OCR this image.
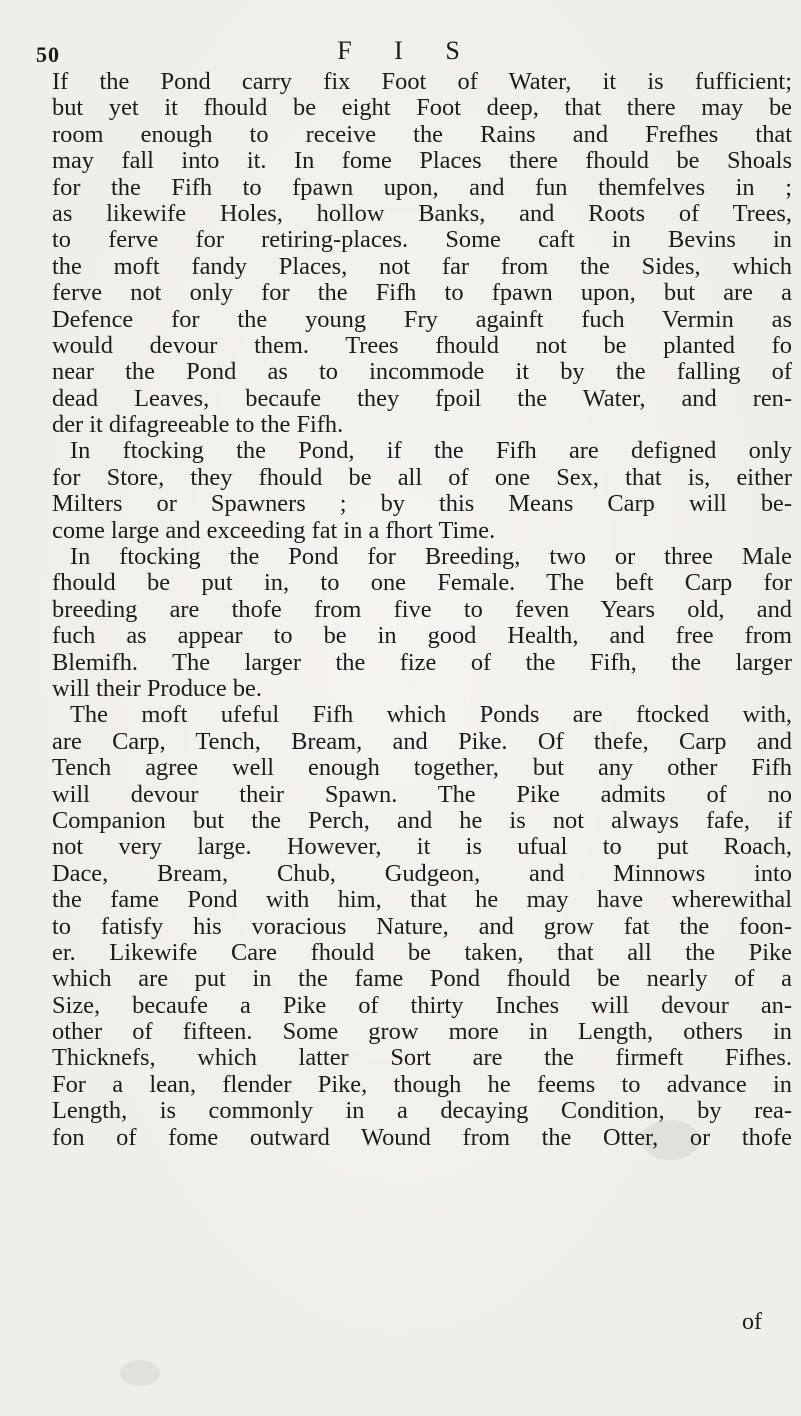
50	F I S
If the Pond carry fix Foot of Water, it is fufficient;
but yet it fhould be eight Foot deep, that there may be
room enough to receive the Rains and Frefhes that
may fall into it. In fome Places there fhould be Shoals
for the Fifh to fpawn upon, and fun themfelves in ;
as likewife Holes, hollow Banks, and Roots of Trees,
to ferve for retiring-places. Some caft in Bevins in
the moft fandy Places, not far from the Sides, which
ferve not only for the Fifh to fpawn upon, but are a
Defence for the young Fry againft fuch Vermin as
would devour them. Trees fhould not be planted fo
near the Pond as to incommode it by the falling of
dead Leaves, becaufe they fpoil the Water, and ren-
der it difagreeable to the Fifh.
In ftocking the Pond, if the Fifh are defigned only
for Store, they fhould be all of one Sex, that is, either
Milters or Spawners ; by this Means Carp will be-
come large and exceeding fat in a fhort Time.
In ftocking the Pond for Breeding, two or three Male
fhould be put in, to one Female. The beft Carp for
breeding are thofe from five to feven Years old, and
fuch as appear to be in good Health, and free from
Blemifh. The larger the fize of the Fifh, the larger
will their Produce be.
The moft ufeful Fifh which Ponds are ftocked with,
are Carp, Tench, Bream, and Pike. Of thefe, Carp and
Tench agree well enough together, but any other Fifh
will devour their Spawn. The Pike admits of no
Companion but the Perch, and he is not always fafe, if
not very large. However, it is ufual to put Roach,
Dace, Bream, Chub, Gudgeon, and Minnows into
the fame Pond with him, that he may have wherewithal
to fatisfy his voracious Nature, and grow fat the foon-
er. Likewife Care fhould be taken, that all the Pike
which are put in the fame Pond fhould be nearly of a
Size, becaufe a Pike of thirty Inches will devour an-
other of fifteen. Some grow more in Length, others in
Thicknefs, which latter Sort are the firmeft Fifhes.
For a lean, flender Pike, though he feems to advance in
Length, is commonly in a decaying Condition, by rea-
fon of fome outward Wound from the Otter, or thofe
of
